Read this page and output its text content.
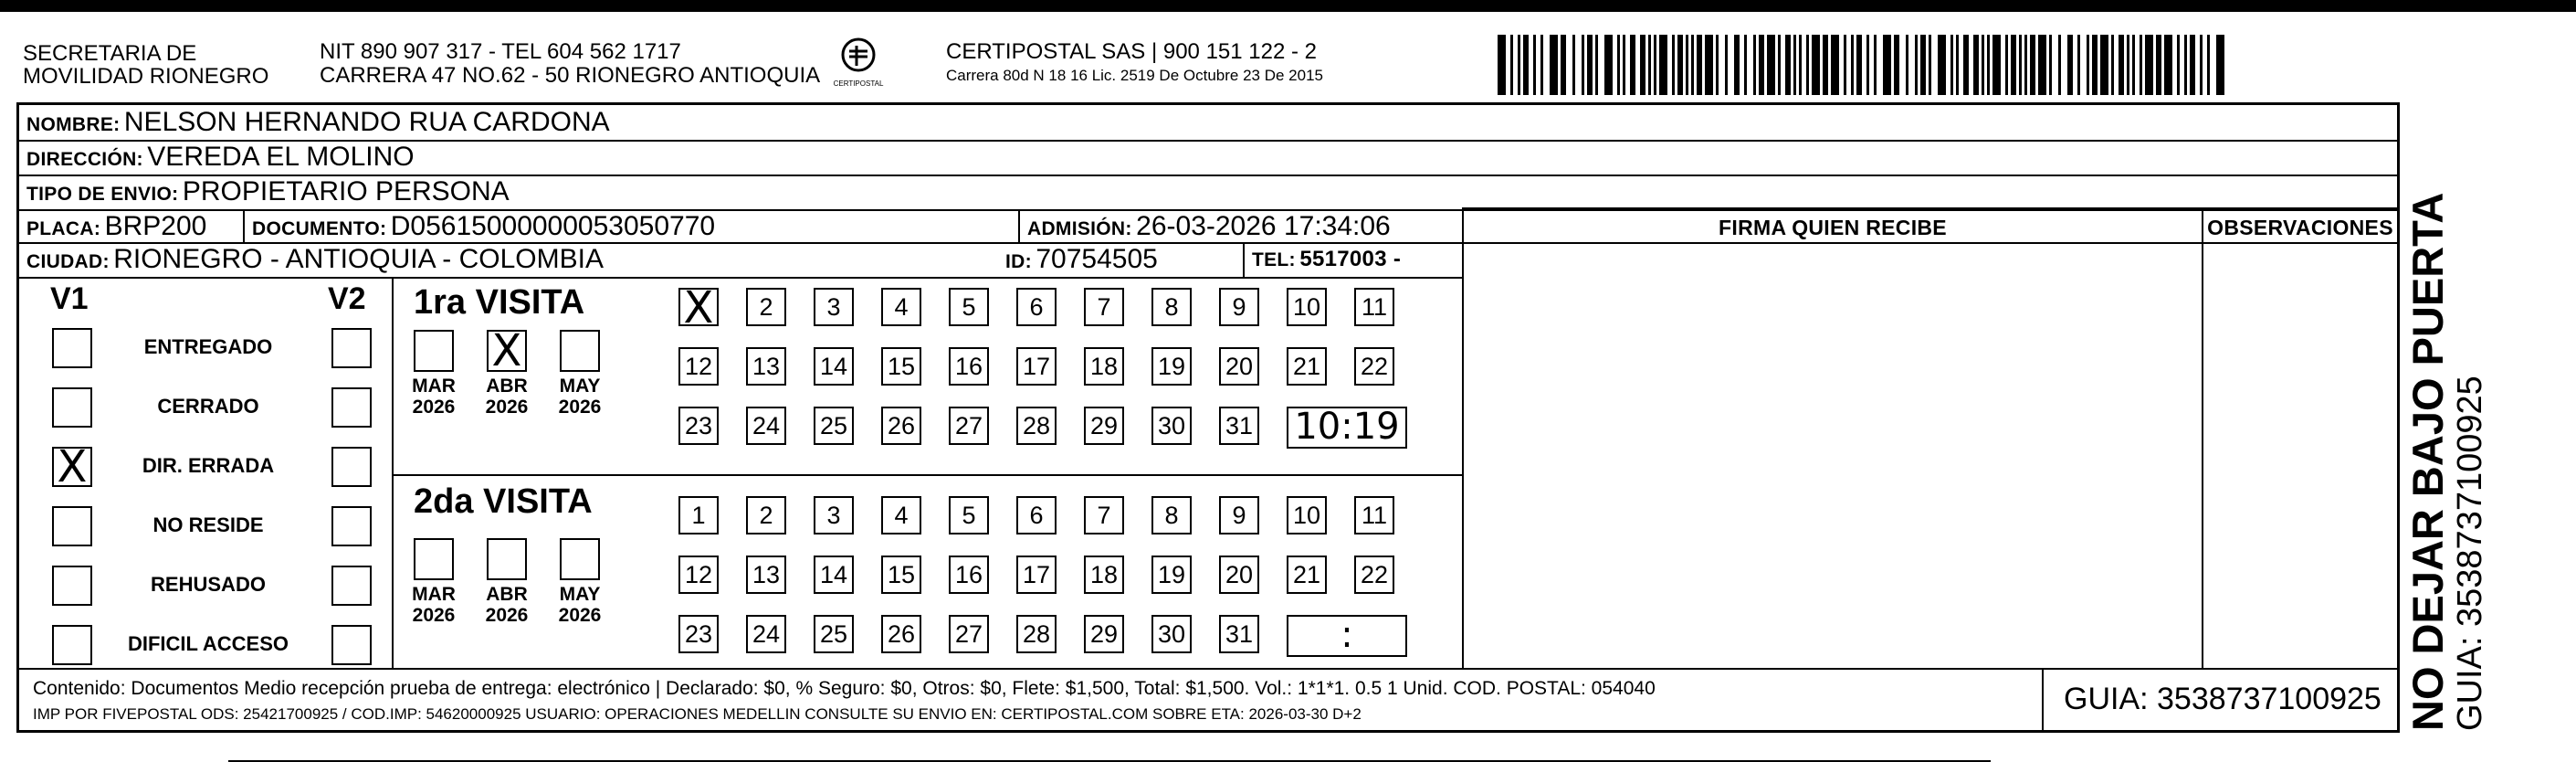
SECRETARIA DE
MOVILIDAD RIONEGRO
NIT 890 907 317 - TEL 604 562 1717
CARRERA 47 NO.62 - 50 RIONEGRO ANTIOQUIA CERTIPOSTAL
CERTIPOSTAL SAS | 900 151 122 - 2
Carrera 80d N 18 16 Lic. 2519 De Octubre 23 De 2015
NOMBRE: NELSON HERNANDO RUA CARDONA
DIRECCIÓN: VEREDA EL MOLINO
TIPO DE ENVIO: PROPIETARIO PERSONA
PLACA: BRP200 DOCUMENTO: D05615000000053050770	ADMISIÓN: 26-03-2026 17:34:06
CIUDAD: RIONEGRO - ANTIOQUIA - COLOMBIA	ID: 70754505	TEL: 5517003 -
FIRMA QUIEN RECIBE	OBSERVACIONES
V1	V2
ENTREGADO
CERRADO
X	DIR. ERRADA
NO RESIDE
REHUSADO
DIFICIL ACCESO
1ra VISITA
2da VISITA
MAR
2026
X
ABR
2026
MAY
2026
X	2	3	4	5	6	7	8	9	10 11
12 13 14 15 16 17 18 19 20 21 22
23 24 25 26 27 28 29 30 31 10:19
MAR
2026
ABR
2026
MAY
2026
1	2	3	4	5	6	7	8	9	10 11
12 13 14 15 16 17 18 19 20 21 22
23 24 25 26 27 28 29 30 31	:
Contenido: Documentos Medio recepción prueba de entrega: electrónico | Declarado: $0, % Seguro: $0, Otros: $0, Flete: $1,500, Total: $1,500. Vol.: 1*1*1. 0.5 1 Unid. COD. POSTAL: 054040
IMP POR FIVEPOSTAL ODS: 25421700925 / COD.IMP: 54620000925 USUARIO: OPERACIONES MEDELLIN CONSULTE SU ENVIO EN: CERTIPOSTAL.COM SOBRE ETA: 2026-03-30 D+2	GUIA: 3538737100925 NO DEJAR BAJO PUERTA GUIA: 3538737100925
